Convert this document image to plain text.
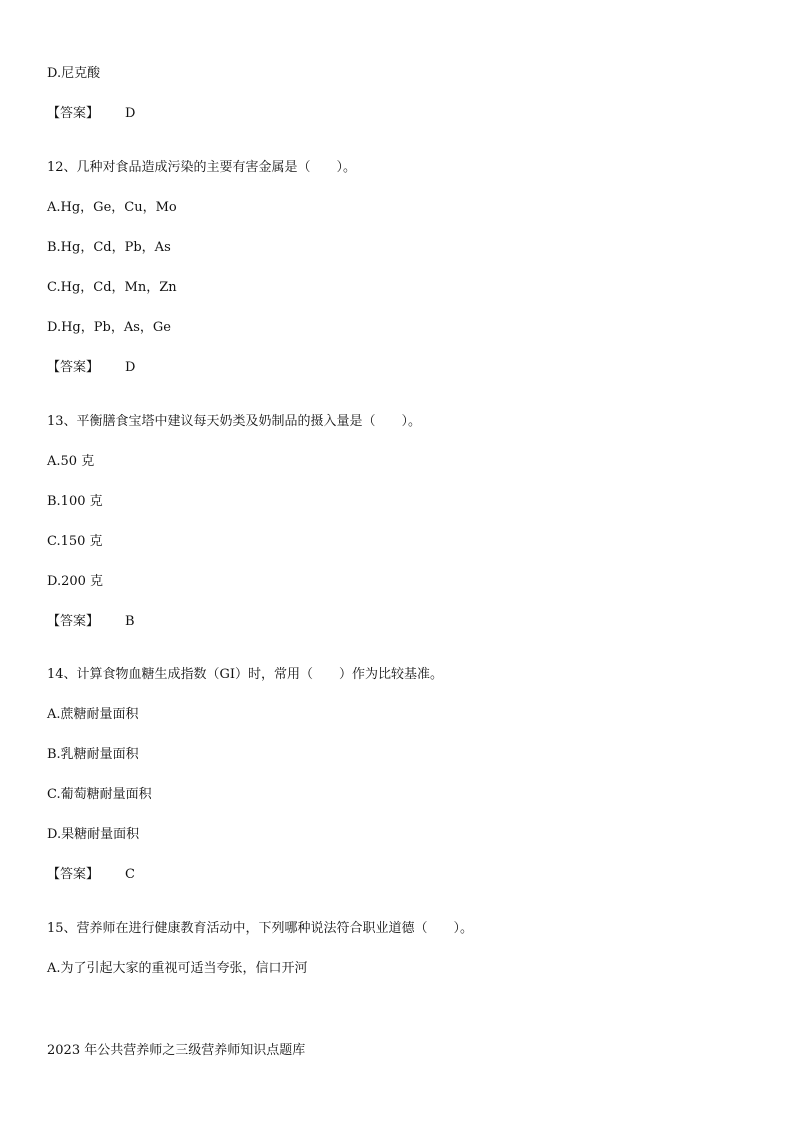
D.尼克酸
【答案】 D
12、几种对食品造成污染的主要有害金属是（　　）。
A.Hg，Ge，Cu，Mo
B.Hg，Cd，Pb，As
C.Hg，Cd，Mn，Zn
D.Hg，Pb，As，Ge
【答案】 D
13、平衡膳食宝塔中建议每天奶类及奶制品的摄入量是（　　）。
A.50 克
B.100 克
C.150 克
D.200 克
【答案】 B
14、计算食物血糖生成指数（GI）时，常用（　　）作为比较基准。
A.蔗糖耐量面积
B.乳糖耐量面积
C.葡萄糖耐量面积
D.果糖耐量面积
【答案】 C
15、营养师在进行健康教育活动中，下列哪种说法符合职业道德（　　）。
A.为了引起大家的重视可适当夸张，信口开河
2023 年公共营养师之三级营养师知识点题库
